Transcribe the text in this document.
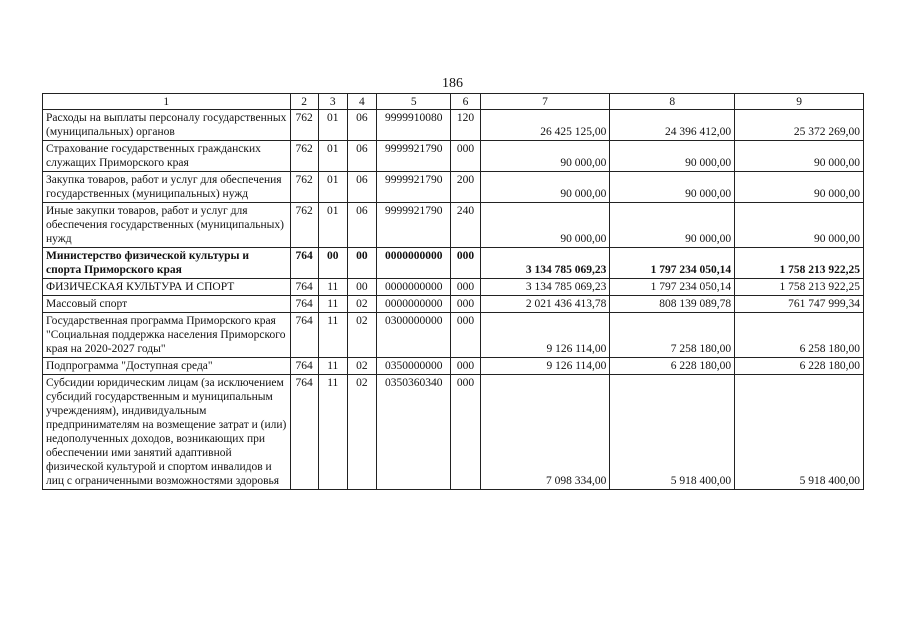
186
1	2	3	4	5	6	7	8	9
Расходы на выплаты персоналу государственных (муниципальных) органов	762	01	06	9999910080	120	26 425 125,00	24 396 412,00	25 372 269,00
Страхование государственных гражданских служащих Приморского края	762	01	06	9999921790	000	90 000,00	90 000,00	90 000,00
Закупка товаров, работ и услуг для обеспечения государственных (муниципальных) нужд	762	01	06	9999921790	200	90 000,00	90 000,00	90 000,00
Иные закупки товаров, работ и услуг для обеспечения государственных (муниципальных) нужд	762	01	06	9999921790	240	90 000,00	90 000,00	90 000,00
Министерство физической культуры и спорта Приморского края	764	00	00	0000000000	000	3 134 785 069,23	1 797 234 050,14	1 758 213 922,25
ФИЗИЧЕСКАЯ КУЛЬТУРА И СПОРТ	764	11	00	0000000000	000	3 134 785 069,23	1 797 234 050,14	1 758 213 922,25
Массовый спорт	764	11	02	0000000000	000	2 021 436 413,78	808 139 089,78	761 747 999,34
Государственная программа Приморского края "Социальная поддержка населения Приморского края на 2020-2027 годы"	764	11	02	0300000000	000	9 126 114,00	7 258 180,00	6 258 180,00
Подпрограмма "Доступная среда"	764	11	02	0350000000	000	9 126 114,00	6 228 180,00	6 228 180,00
Субсидии юридическим лицам (за исключением субсидий государственным и муниципальным учреждениям), индивидуальным предпринимателям на возмещение затрат и (или) недополученных доходов, возникающих при обеспечении ими занятий адаптивной физической культурой и спортом инвалидов и лиц с ограниченными возможностями здоровья	764	11	02	0350360340	000	7 098 334,00	5 918 400,00	5 918 400,00
